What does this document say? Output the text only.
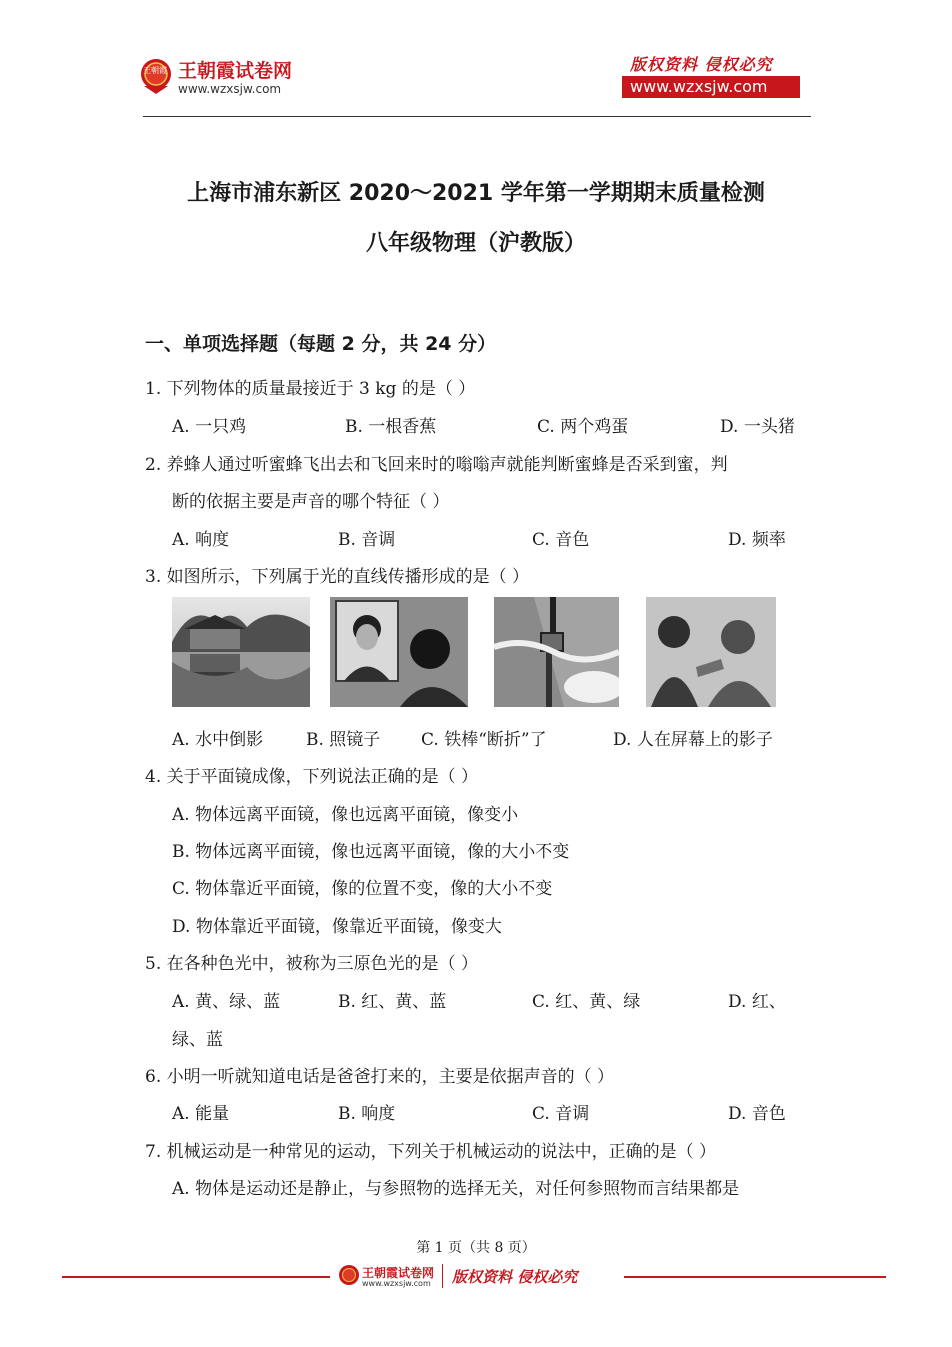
王朝霞 王朝霞试卷网
www.wzxsjw.com
版权资料 侵权必究
www.wzxsjw.com
上海市浦东新区 2020～2021 学年第一学期期末质量检测
八年级物理（沪教版）
一、单项选择题（每题 2 分，共 24 分）
1. 下列物体的质量最接近于 3 kg 的是（ ）
A. 一只鸡	B. 一根香蕉	C. 两个鸡蛋	D. 一头猪
2. 养蜂人通过听蜜蜂飞出去和飞回来时的嗡嗡声就能判断蜜蜂是否采到蜜，判
断的依据主要是声音的哪个特征（ ）
A. 响度	B. 音调	C. 音色	D. 频率
3. 如图所示，下列属于光的直线传播形成的是（ ）
A. 水中倒影	B. 照镜子 C. 铁棒“断折”了	D. 人在屏幕上的影子
4. 关于平面镜成像，下列说法正确的是（ ）
A. 物体远离平面镜，像也远离平面镜，像变小
B. 物体远离平面镜，像也远离平面镜，像的大小不变
C. 物体靠近平面镜，像的位置不变，像的大小不变
D. 物体靠近平面镜，像靠近平面镜，像变大
5. 在各种色光中，被称为三原色光的是（ ）
A. 黄、绿、蓝	B. 红、黄、蓝	C. 红、黄、绿	D. 红、
绿、蓝
6. 小明一听就知道电话是爸爸打来的，主要是依据声音的（ ）
A. 能量	B. 响度	C. 音调	D. 音色
7. 机械运动是一种常见的运动，下列关于机械运动的说法中，正确的是（ ）
A. 物体是运动还是静止，与参照物的选择无关，对任何参照物而言结果都是
第 1 页（共 8 页）
王朝霞试卷网
www.wzxsjw.com 版权资料 侵权必究
